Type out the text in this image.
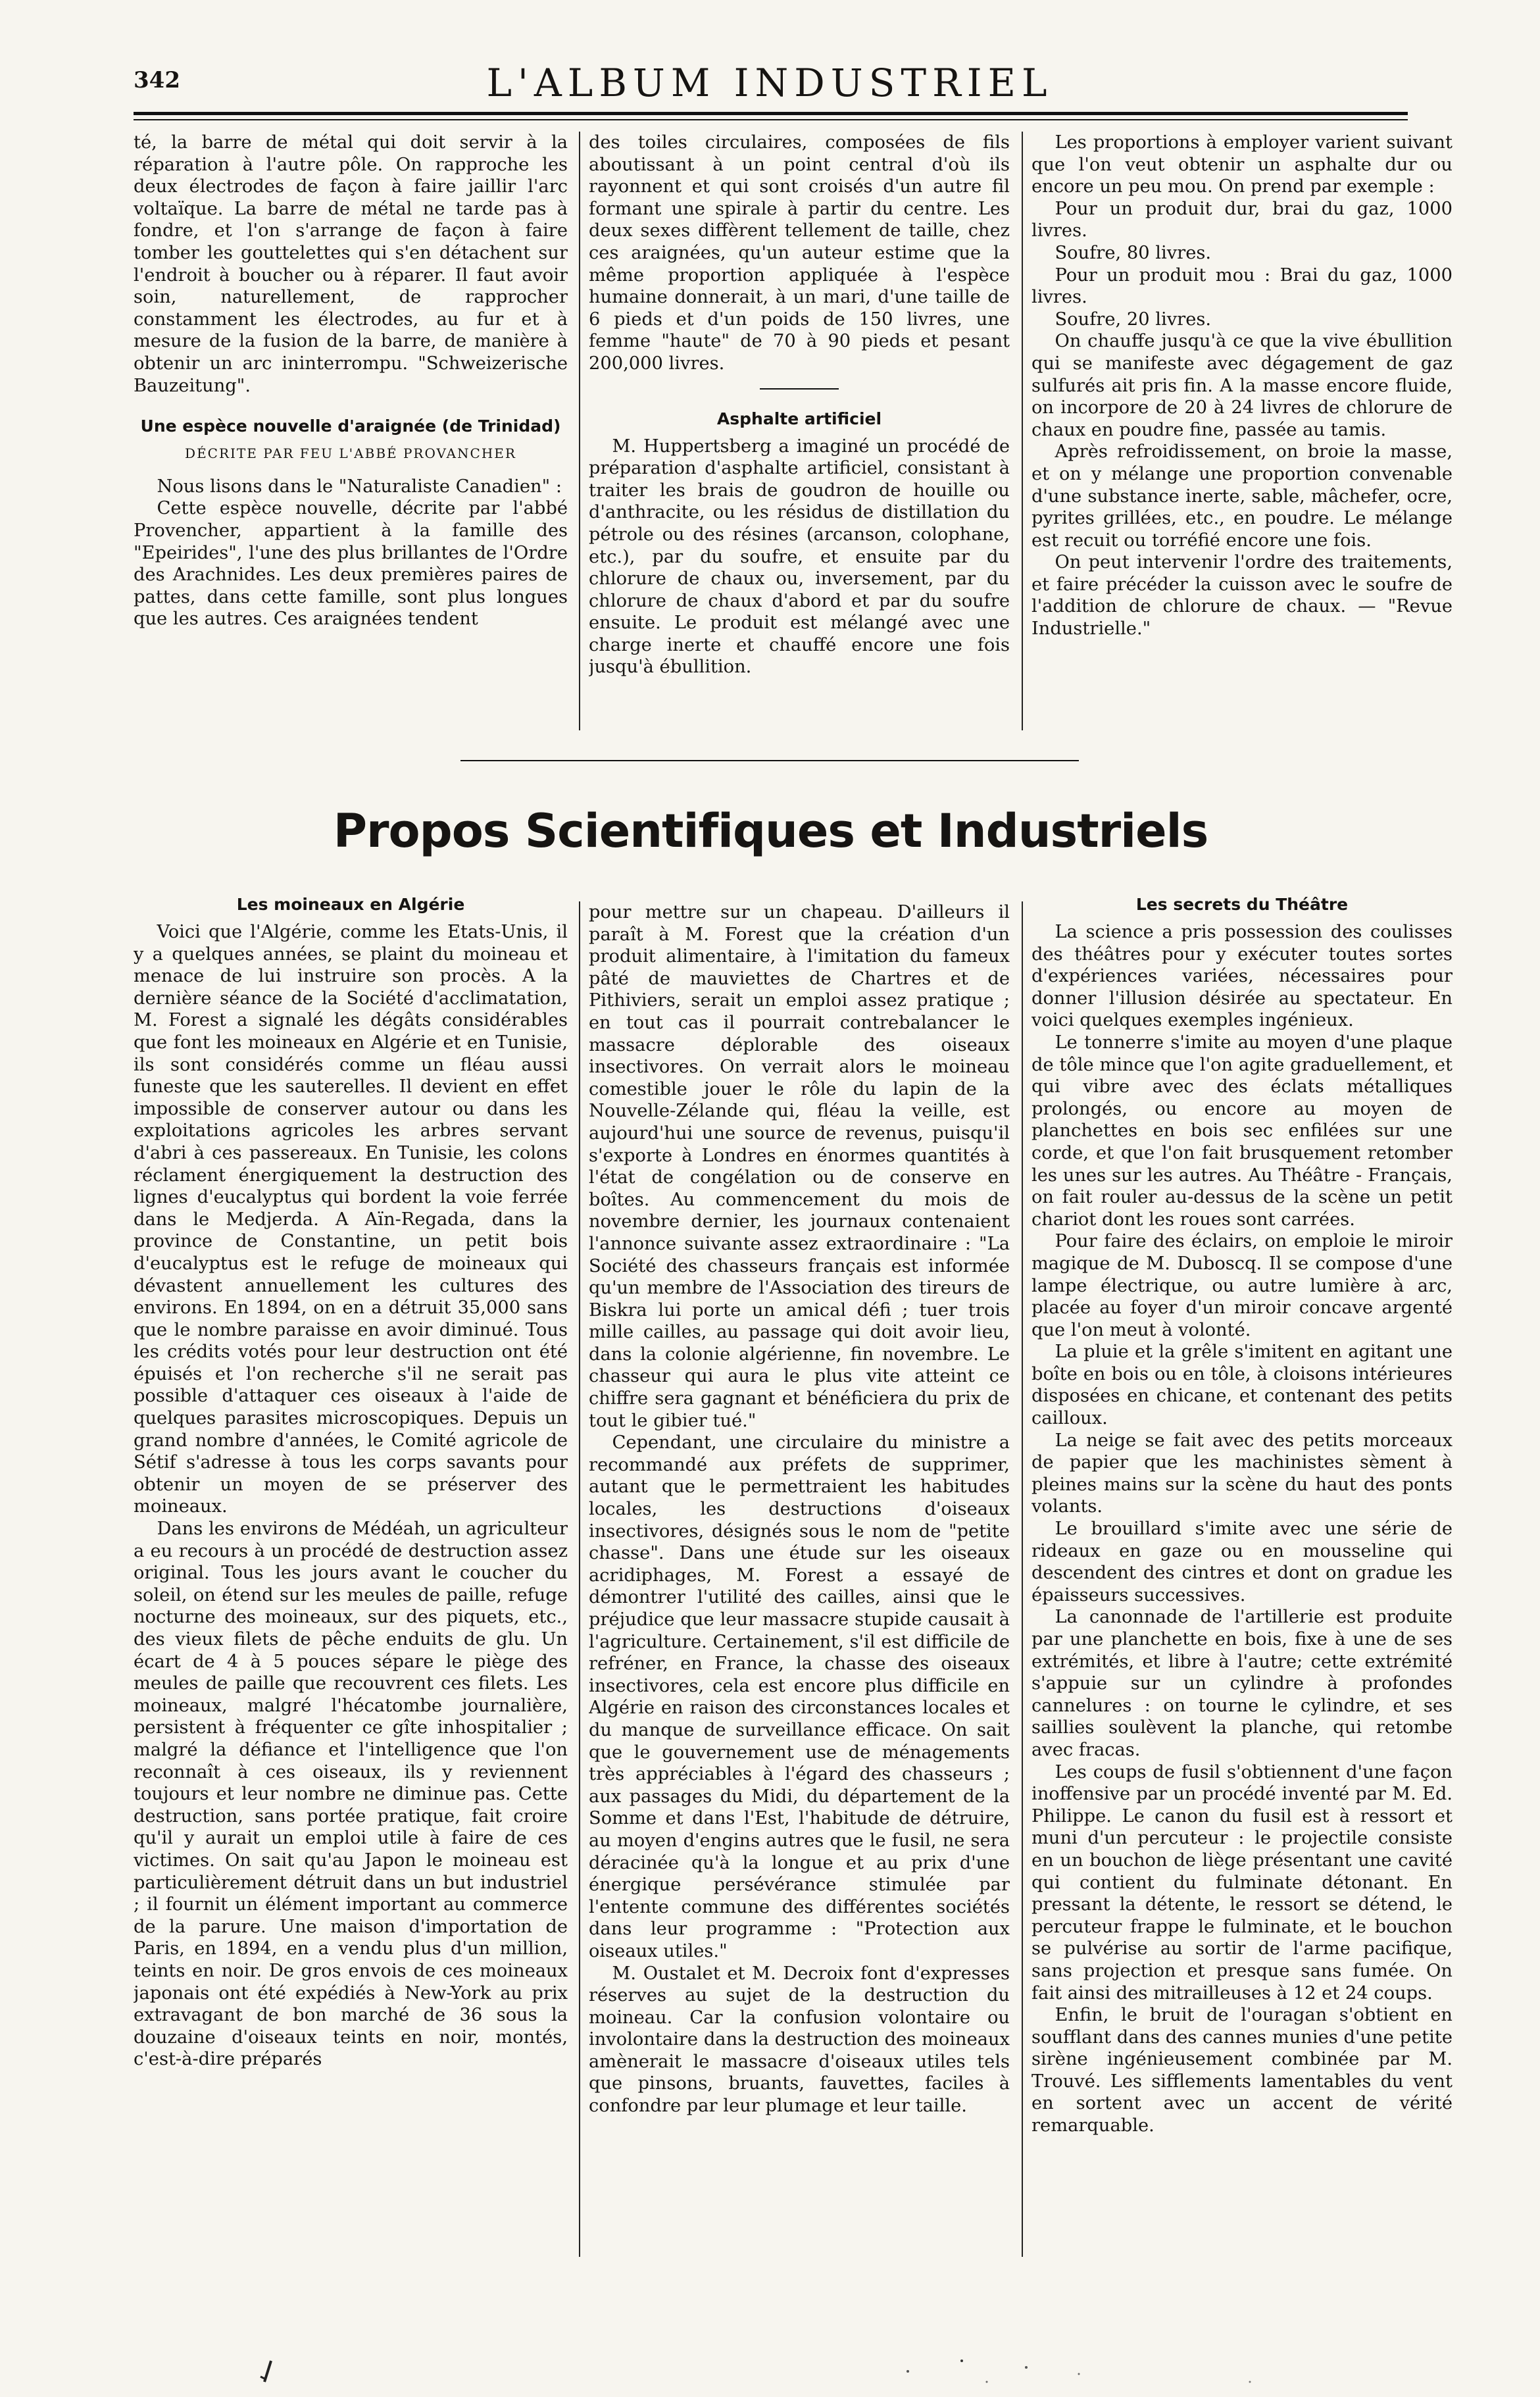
342	L'ALBUM INDUSTRIEL

té, la barre de métal qui doit servir à la réparation à l'autre pôle. On rapproche les deux électrodes de façon à faire jaillir l'arc voltaïque. La barre de métal ne tarde pas à fondre, et l'on s'arrange de façon à faire tomber les gouttelettes qui s'en détachent sur l'endroit à boucher ou à réparer. Il faut avoir soin, naturellement, de rapprocher constamment les électrodes, au fur et à mesure de la fusion de la barre, de manière à obtenir un arc ininterrompu. "Schweizerische Bauzeitung".

Une espèce nouvelle d'araignée (de Trinidad)
DÉCRITE PAR FEU L'ABBÉ PROVANCHER

Nous lisons dans le "Naturaliste Canadien" :

Cette espèce nouvelle, décrite par l'abbé Provencher, appartient à la famille des "Epeirides", l'une des plus brillantes de l'Ordre des Arachnides. Les deux premières paires de pattes, dans cette famille, sont plus longues que les autres. Ces araignées tendent

des toiles circulaires, composées de fils aboutissant à un point central d'où ils rayonnent et qui sont croisés d'un autre fil formant une spirale à partir du centre. Les deux sexes diffèrent tellement de taille, chez ces araignées, qu'un auteur estime que la même proportion appliquée à l'espèce humaine donnerait, à un mari, d'une taille de 6 pieds et d'un poids de 150 livres, une femme "haute" de 70 à 90 pieds et pesant 200,000 livres.

Asphalte artificiel

M. Huppertsberg a imaginé un procédé de préparation d'asphalte artificiel, consistant à traiter les brais de goudron de houille ou d'anthracite, ou les résidus de distillation du pétrole ou des résines (arcanson, colophane, etc.), par du soufre, et ensuite par du chlorure de chaux ou, inversement, par du chlorure de chaux d'abord et par du soufre ensuite. Le produit est mélangé avec une charge inerte et chauffé encore une fois jusqu'à ébullition.

Les proportions à employer varient suivant que l'on veut obtenir un asphalte dur ou encore un peu mou. On prend par exemple :

Pour un produit dur, brai du gaz, 1000 livres.

Soufre, 80 livres.

Pour un produit mou : Brai du gaz, 1000 livres.

Soufre, 20 livres.

On chauffe jusqu'à ce que la vive ébullition qui se manifeste avec dégagement de gaz sulfurés ait pris fin. A la masse encore fluide, on incorpore de 20 à 24 livres de chlorure de chaux en poudre fine, passée au tamis.

Après refroidissement, on broie la masse, et on y mélange une proportion convenable d'une substance inerte, sable, mâchefer, ocre, pyrites grillées, etc., en poudre. Le mélange est recuit ou torréfié encore une fois.

On peut intervenir l'ordre des traitements, et faire précéder la cuisson avec le soufre de l'addition de chlorure de chaux. — "Revue Industrielle."

Propos Scientifiques et Industriels
Les moineaux en Algérie

Voici que l'Algérie, comme les Etats-Unis, il y a quelques années, se plaint du moineau et menace de lui instruire son procès. A la dernière séance de la Société d'acclimatation, M. Forest a signalé les dégâts considérables que font les moineaux en Algérie et en Tunisie, ils sont considérés comme un fléau aussi funeste que les sauterelles. Il devient en effet impossible de conserver autour ou dans les exploitations agricoles les arbres servant d'abri à ces passereaux. En Tunisie, les colons réclament énergiquement la destruction des lignes d'eucalyptus qui bordent la voie ferrée dans le Medjerda. A Aïn-Regada, dans la province de Constantine, un petit bois d'eucalyptus est le refuge de moineaux qui dévastent annuellement les cultures des environs. En 1894, on en a détruit 35,000 sans que le nombre paraisse en avoir diminué. Tous les crédits votés pour leur destruction ont été épuisés et l'on recherche s'il ne serait pas possible d'attaquer ces oiseaux à l'aide de quelques parasites microscopiques. Depuis un grand nombre d'années, le Comité agricole de Sétif s'adresse à tous les corps savants pour obtenir un moyen de se préserver des moineaux.

Dans les environs de Médéah, un agriculteur a eu recours à un procédé de destruction assez original. Tous les jours avant le coucher du soleil, on étend sur les meules de paille, refuge nocturne des moineaux, sur des piquets, etc., des vieux filets de pêche enduits de glu. Un écart de 4 à 5 pouces sépare le piège des meules de paille que recouvrent ces filets. Les moineaux, malgré l'hécatombe journalière, persistent à fréquenter ce gîte inhospitalier ; malgré la défiance et l'intelligence que l'on reconnaît à ces oiseaux, ils y reviennent toujours et leur nombre ne diminue pas. Cette destruction, sans portée pratique, fait croire qu'il y aurait un emploi utile à faire de ces victimes. On sait qu'au Japon le moineau est particulièrement détruit dans un but industriel ; il fournit un élément important au commerce de la parure. Une maison d'importation de Paris, en 1894, en a vendu plus d'un million, teints en noir. De gros envois de ces moineaux japonais ont été expédiés à New-York au prix extravagant de bon marché de 36 sous la douzaine d'oiseaux teints en noir, montés, c'est-à-dire préparés

pour mettre sur un chapeau. D'ailleurs il paraît à M. Forest que la création d'un produit alimentaire, à l'imitation du fameux pâté de mauviettes de Chartres et de Pithiviers, serait un emploi assez pratique ; en tout cas il pourrait contrebalancer le massacre déplorable des oiseaux insectivores. On verrait alors le moineau comestible jouer le rôle du lapin de la Nouvelle-Zélande qui, fléau la veille, est aujourd'hui une source de revenus, puisqu'il s'exporte à Londres en énormes quantités à l'état de congélation ou de conserve en boîtes. Au commencement du mois de novembre dernier, les journaux contenaient l'annonce suivante assez extraordinaire : "La Société des chasseurs français est informée qu'un membre de l'Association des tireurs de Biskra lui porte un amical défi ; tuer trois mille cailles, au passage qui doit avoir lieu, dans la colonie algérienne, fin novembre. Le chasseur qui aura le plus vite atteint ce chiffre sera gagnant et bénéficiera du prix de tout le gibier tué."

Cependant, une circulaire du ministre a recommandé aux préfets de supprimer, autant que le permettraient les habitudes locales, les destructions d'oiseaux insectivores, désignés sous le nom de "petite chasse". Dans une étude sur les oiseaux acridiphages, M. Forest a essayé de démontrer l'utilité des cailles, ainsi que le préjudice que leur massacre stupide causait à l'agriculture. Certainement, s'il est difficile de refréner, en France, la chasse des oiseaux insectivores, cela est encore plus difficile en Algérie en raison des circonstances locales et du manque de surveillance efficace. On sait que le gouvernement use de ménagements très appréciables à l'égard des chasseurs ; aux passages du Midi, du département de la Somme et dans l'Est, l'habitude de détruire, au moyen d'engins autres que le fusil, ne sera déracinée qu'à la longue et au prix d'une énergique persévérance stimulée par l'entente commune des différentes sociétés dans leur programme : "Protection aux oiseaux utiles."

M. Oustalet et M. Decroix font d'expresses réserves au sujet de la destruction du moineau. Car la confusion volontaire ou involontaire dans la destruction des moineaux amènerait le massacre d'oiseaux utiles tels que pinsons, bruants, fauvettes, faciles à confondre par leur plumage et leur taille.

Les secrets du Théâtre

La science a pris possession des coulisses des théâtres pour y exécuter toutes sortes d'expériences variées, nécessaires pour donner l'illusion désirée au spectateur. En voici quelques exemples ingénieux.

Le tonnerre s'imite au moyen d'une plaque de tôle mince que l'on agite graduellement, et qui vibre avec des éclats métalliques prolongés, ou encore au moyen de planchettes en bois sec enfilées sur une corde, et que l'on fait brusquement retomber les unes sur les autres. Au Théâtre - Français, on fait rouler au-dessus de la scène un petit chariot dont les roues sont carrées.

Pour faire des éclairs, on emploie le miroir magique de M. Duboscq. Il se compose d'une lampe électrique, ou autre lumière à arc, placée au foyer d'un miroir concave argenté que l'on meut à volonté.

La pluie et la grêle s'imitent en agitant une boîte en bois ou en tôle, à cloisons intérieures disposées en chicane, et contenant des petits cailloux.

La neige se fait avec des petits morceaux de papier que les machinistes sèment à pleines mains sur la scène du haut des ponts volants.

Le brouillard s'imite avec une série de rideaux en gaze ou en mousseline qui descendent des cintres et dont on gradue les épaisseurs successives.

La canonnade de l'artillerie est produite par une planchette en bois, fixe à une de ses extrémités, et libre à l'autre; cette extrémité s'appuie sur un cylindre à profondes cannelures : on tourne le cylindre, et ses saillies soulèvent la planche, qui retombe avec fracas.

Les coups de fusil s'obtiennent d'une façon inoffensive par un procédé inventé par M. Ed. Philippe. Le canon du fusil est à ressort et muni d'un percuteur : le projectile consiste en un bouchon de liège présentant une cavité qui contient du fulminate détonant. En pressant la détente, le ressort se détend, le percuteur frappe le fulminate, et le bouchon se pulvérise au sortir de l'arme pacifique, sans projection et presque sans fumée. On fait ainsi des mitrailleuses à 12 et 24 coups.

Enfin, le bruit de l'ouragan s'obtient en soufflant dans des cannes munies d'une petite sirène ingénieusement combinée par M. Trouvé. Les sifflements lamentables du vent en sortent avec un accent de vérité remarquable.
